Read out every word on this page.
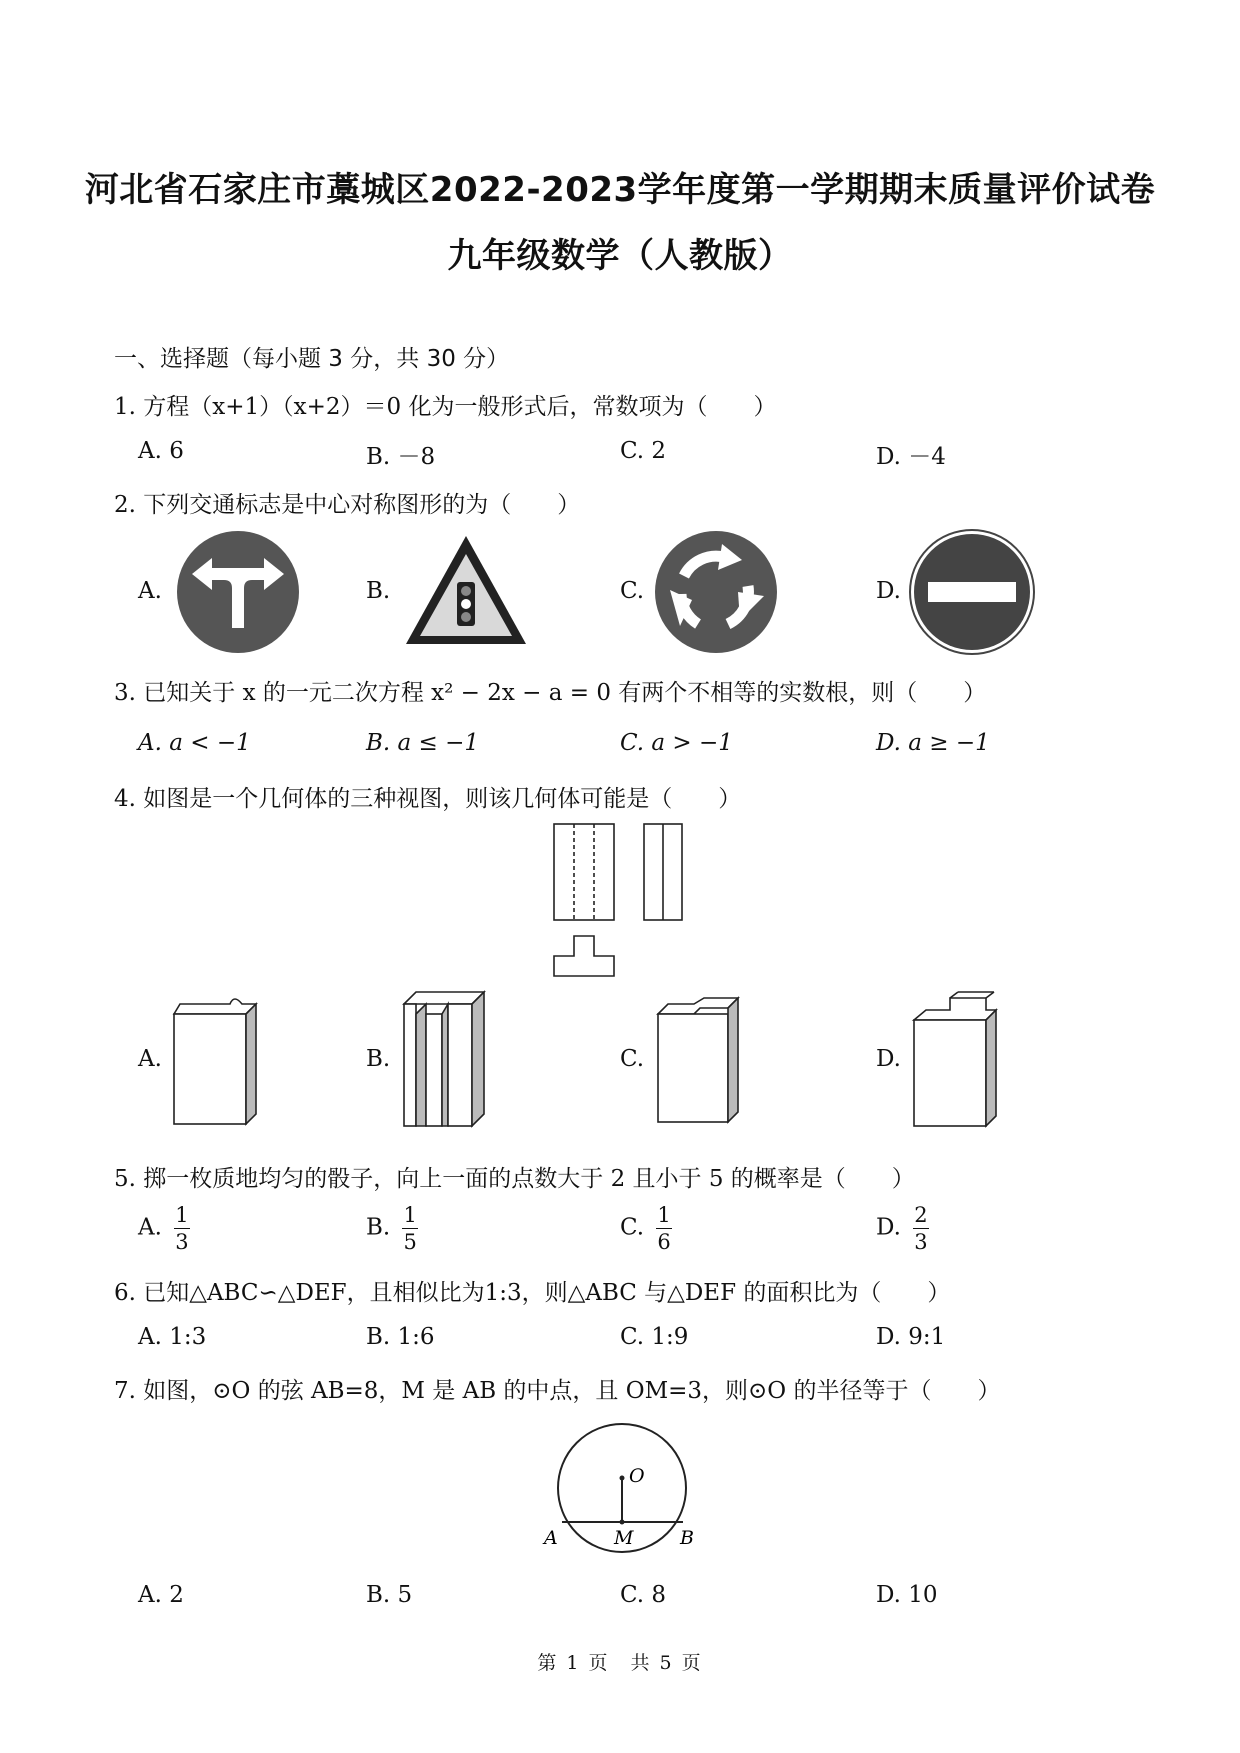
河北省石家庄市藁城区2022-2023学年度第一学期期末质量评价试卷
九年级数学（人教版）
一、选择题（每小题 3 分，共 30 分）
1. 方程（x+1）（x+2）＝0 化为一般形式后，常数项为（　　）
A. 6	B. －8	C. 2	D. －4
2. 下列交通标志是中心对称图形的为（　　）
A.	B.	C.	D.
3. 已知关于 x 的一元二次方程 x² − 2x − a = 0 有两个不相等的实数根，则（　　）
A. a < −1	B. a ≤ −1	C. a > −1	D. a ≥ −1
4. 如图是一个几何体的三种视图，则该几何体可能是（　　）
A.	B.	C.	D.
5. 掷一枚质地均匀的骰子，向上一面的点数大于 2 且小于 5 的概率是（　　）
A. $\frac{1}{3}$	B. $\frac{1}{5}$	C. $\frac{1}{6}$	D. $\frac{2}{3}$
6. 已知△ABC∽△DEF，且相似比为1:3，则△ABC 与△DEF 的面积比为（　　）
A. 1:3	B. 1:6	C. 1:9	D. 9:1
7. 如图，⊙O 的弦 AB=8，M 是 AB 的中点，且 OM=3，则⊙O 的半径等于（　　）
O
A	M B
A. 2	B. 5	C. 8	D. 10
第 1 页　共 5 页
